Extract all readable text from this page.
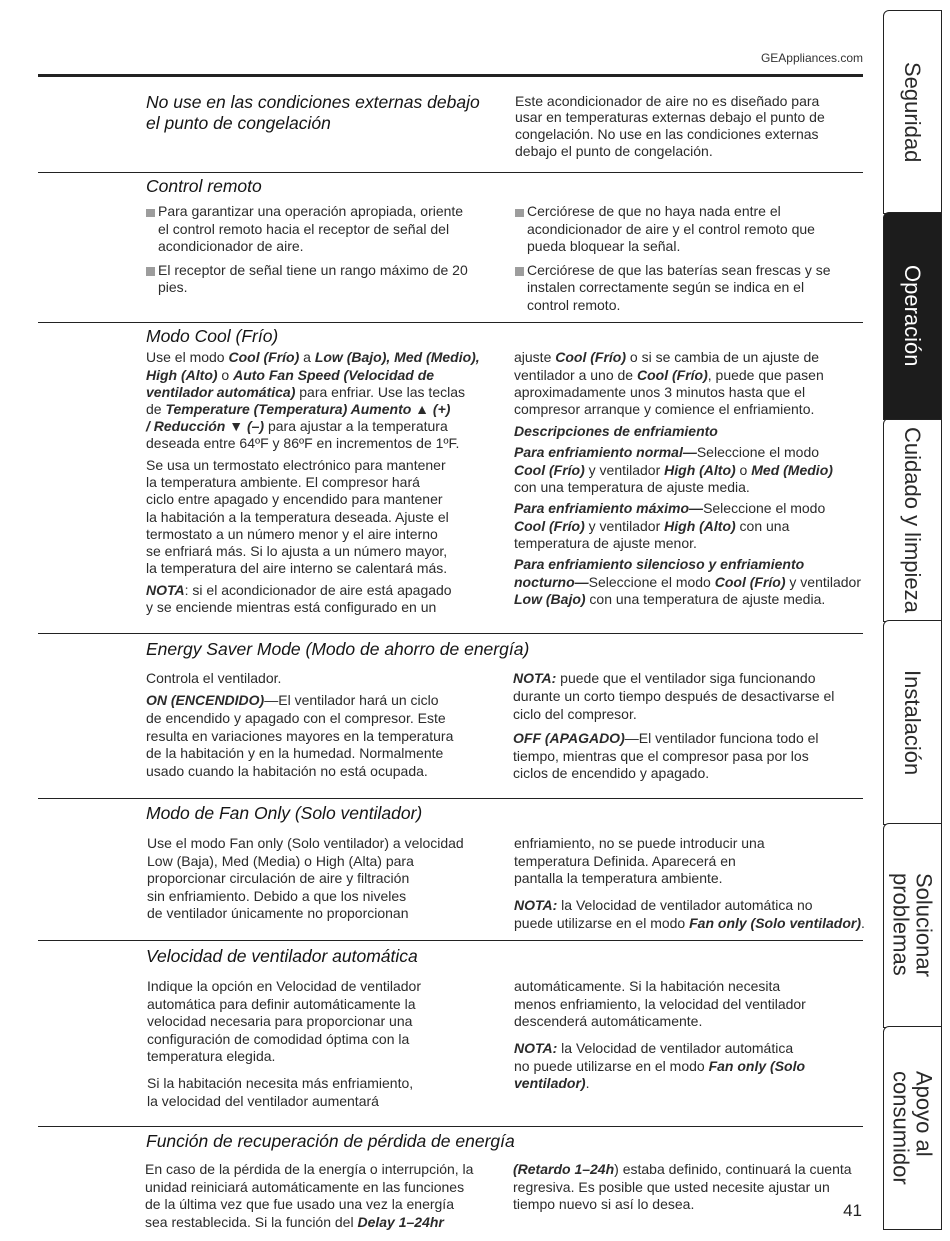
GEAppliances.com
No use en las condiciones externas debajo
el punto de congelación
Este acondicionador de aire no es diseñado para
usar en temperaturas externas debajo el punto de
congelación. No use en las condiciones externas
debajo el punto de congelación.
Control remoto
Para garantizar una operación apropiada, oriente
el control remoto hacia el receptor de señal del
acondicionador de aire.
El receptor de señal tiene un rango máximo de 20
pies.
Cerciórese de que no haya nada entre el
acondicionador de aire y el control remoto que
pueda bloquear la señal.
Cerciórese de que las baterías sean frescas y se
instalen correctamente según se indica en el
control remoto.
Modo Cool (Frío)
Use el modo Cool (Frío) a Low (Bajo), Med (Medio),
High (Alto) o Auto Fan Speed (Velocidad de
ventilador automática) para enfriar. Use las teclas
de Temperature (Temperatura) Aumento ▲ (+)
/ Reducción ▼ (–) para ajustar a la temperatura
deseada entre 64ºF y 86ºF en incrementos de 1ºF.
Se usa un termostato electrónico para mantener
la temperatura ambiente. El compresor hará
ciclo entre apagado y encendido para mantener
la habitación a la temperatura deseada. Ajuste el
termostato a un número menor y el aire interno
se enfriará más. Si lo ajusta a un número mayor,
la temperatura del aire interno se calentará más.
NOTA: si el acondicionador de aire está apagado
y se enciende mientras está configurado en un
ajuste Cool (Frío) o si se cambia de un ajuste de
ventilador a uno de Cool (Frío), puede que pasen
aproximadamente unos 3 minutos hasta que el
compresor arranque y comience el enfriamiento.
Descripciones de enfriamiento
Para enfriamiento normal—Seleccione el modo
Cool (Frío) y ventilador High (Alto) o Med (Medio)
con una temperatura de ajuste media.
Para enfriamiento máximo—Seleccione el modo
Cool (Frío) y ventilador High (Alto) con una
temperatura de ajuste menor.
Para enfriamiento silencioso y enfriamiento
nocturno—Seleccione el modo Cool (Frío) y ventilador
Low (Bajo) con una temperatura de ajuste media.
Energy Saver Mode (Modo de ahorro de energía)
Controla el ventilador.
ON (ENCENDIDO)—El ventilador hará un ciclo
de encendido y apagado con el compresor. Este
resulta en variaciones mayores en la temperatura
de la habitación y en la humedad. Normalmente
usado cuando la habitación no está ocupada.
NOTA: puede que el ventilador siga funcionando
durante un corto tiempo después de desactivarse el
ciclo del compresor.
OFF (APAGADO)—El ventilador funciona todo el
tiempo, mientras que el compresor pasa por los
ciclos de encendido y apagado.
Modo de Fan Only (Solo ventilador)
Use el modo Fan only (Solo ventilador) a velocidad
Low (Baja), Med (Media) o High (Alta) para
proporcionar circulación de aire y filtración
sin enfriamiento. Debido a que los niveles
de ventilador únicamente no proporcionan
enfriamiento, no se puede introducir una
temperatura Definida. Aparecerá en
pantalla la temperatura ambiente.
NOTA: la Velocidad de ventilador automática no
puede utilizarse en el modo Fan only (Solo ventilador).
Velocidad de ventilador automática
Indique la opción en Velocidad de ventilador
automática para definir automáticamente la
velocidad necesaria para proporcionar una
configuración de comodidad óptima con la
temperatura elegida.
Si la habitación necesita más enfriamiento,
la velocidad del ventilador aumentará
automáticamente. Si la habitación necesita
menos enfriamiento, la velocidad del ventilador
descenderá automáticamente.
NOTA: la Velocidad de ventilador automática
no puede utilizarse en el modo Fan only (Solo
ventilador).
Función de recuperación de pérdida de energía
En caso de la pérdida de la energía o interrupción, la
unidad reiniciará automáticamente en las funciones
de la última vez que fue usado una vez la energía
sea restablecida. Si la función del Delay 1–24hr
(Retardo 1–24h) estaba definido, continuará la cuenta
regresiva. Es posible que usted necesite ajustar un
tiempo nuevo si así lo desea.	41
Seguridad
Operación
Cuidado y limpieza
Instalación
Solucionar
problemas
Apoyo al
consumidor
